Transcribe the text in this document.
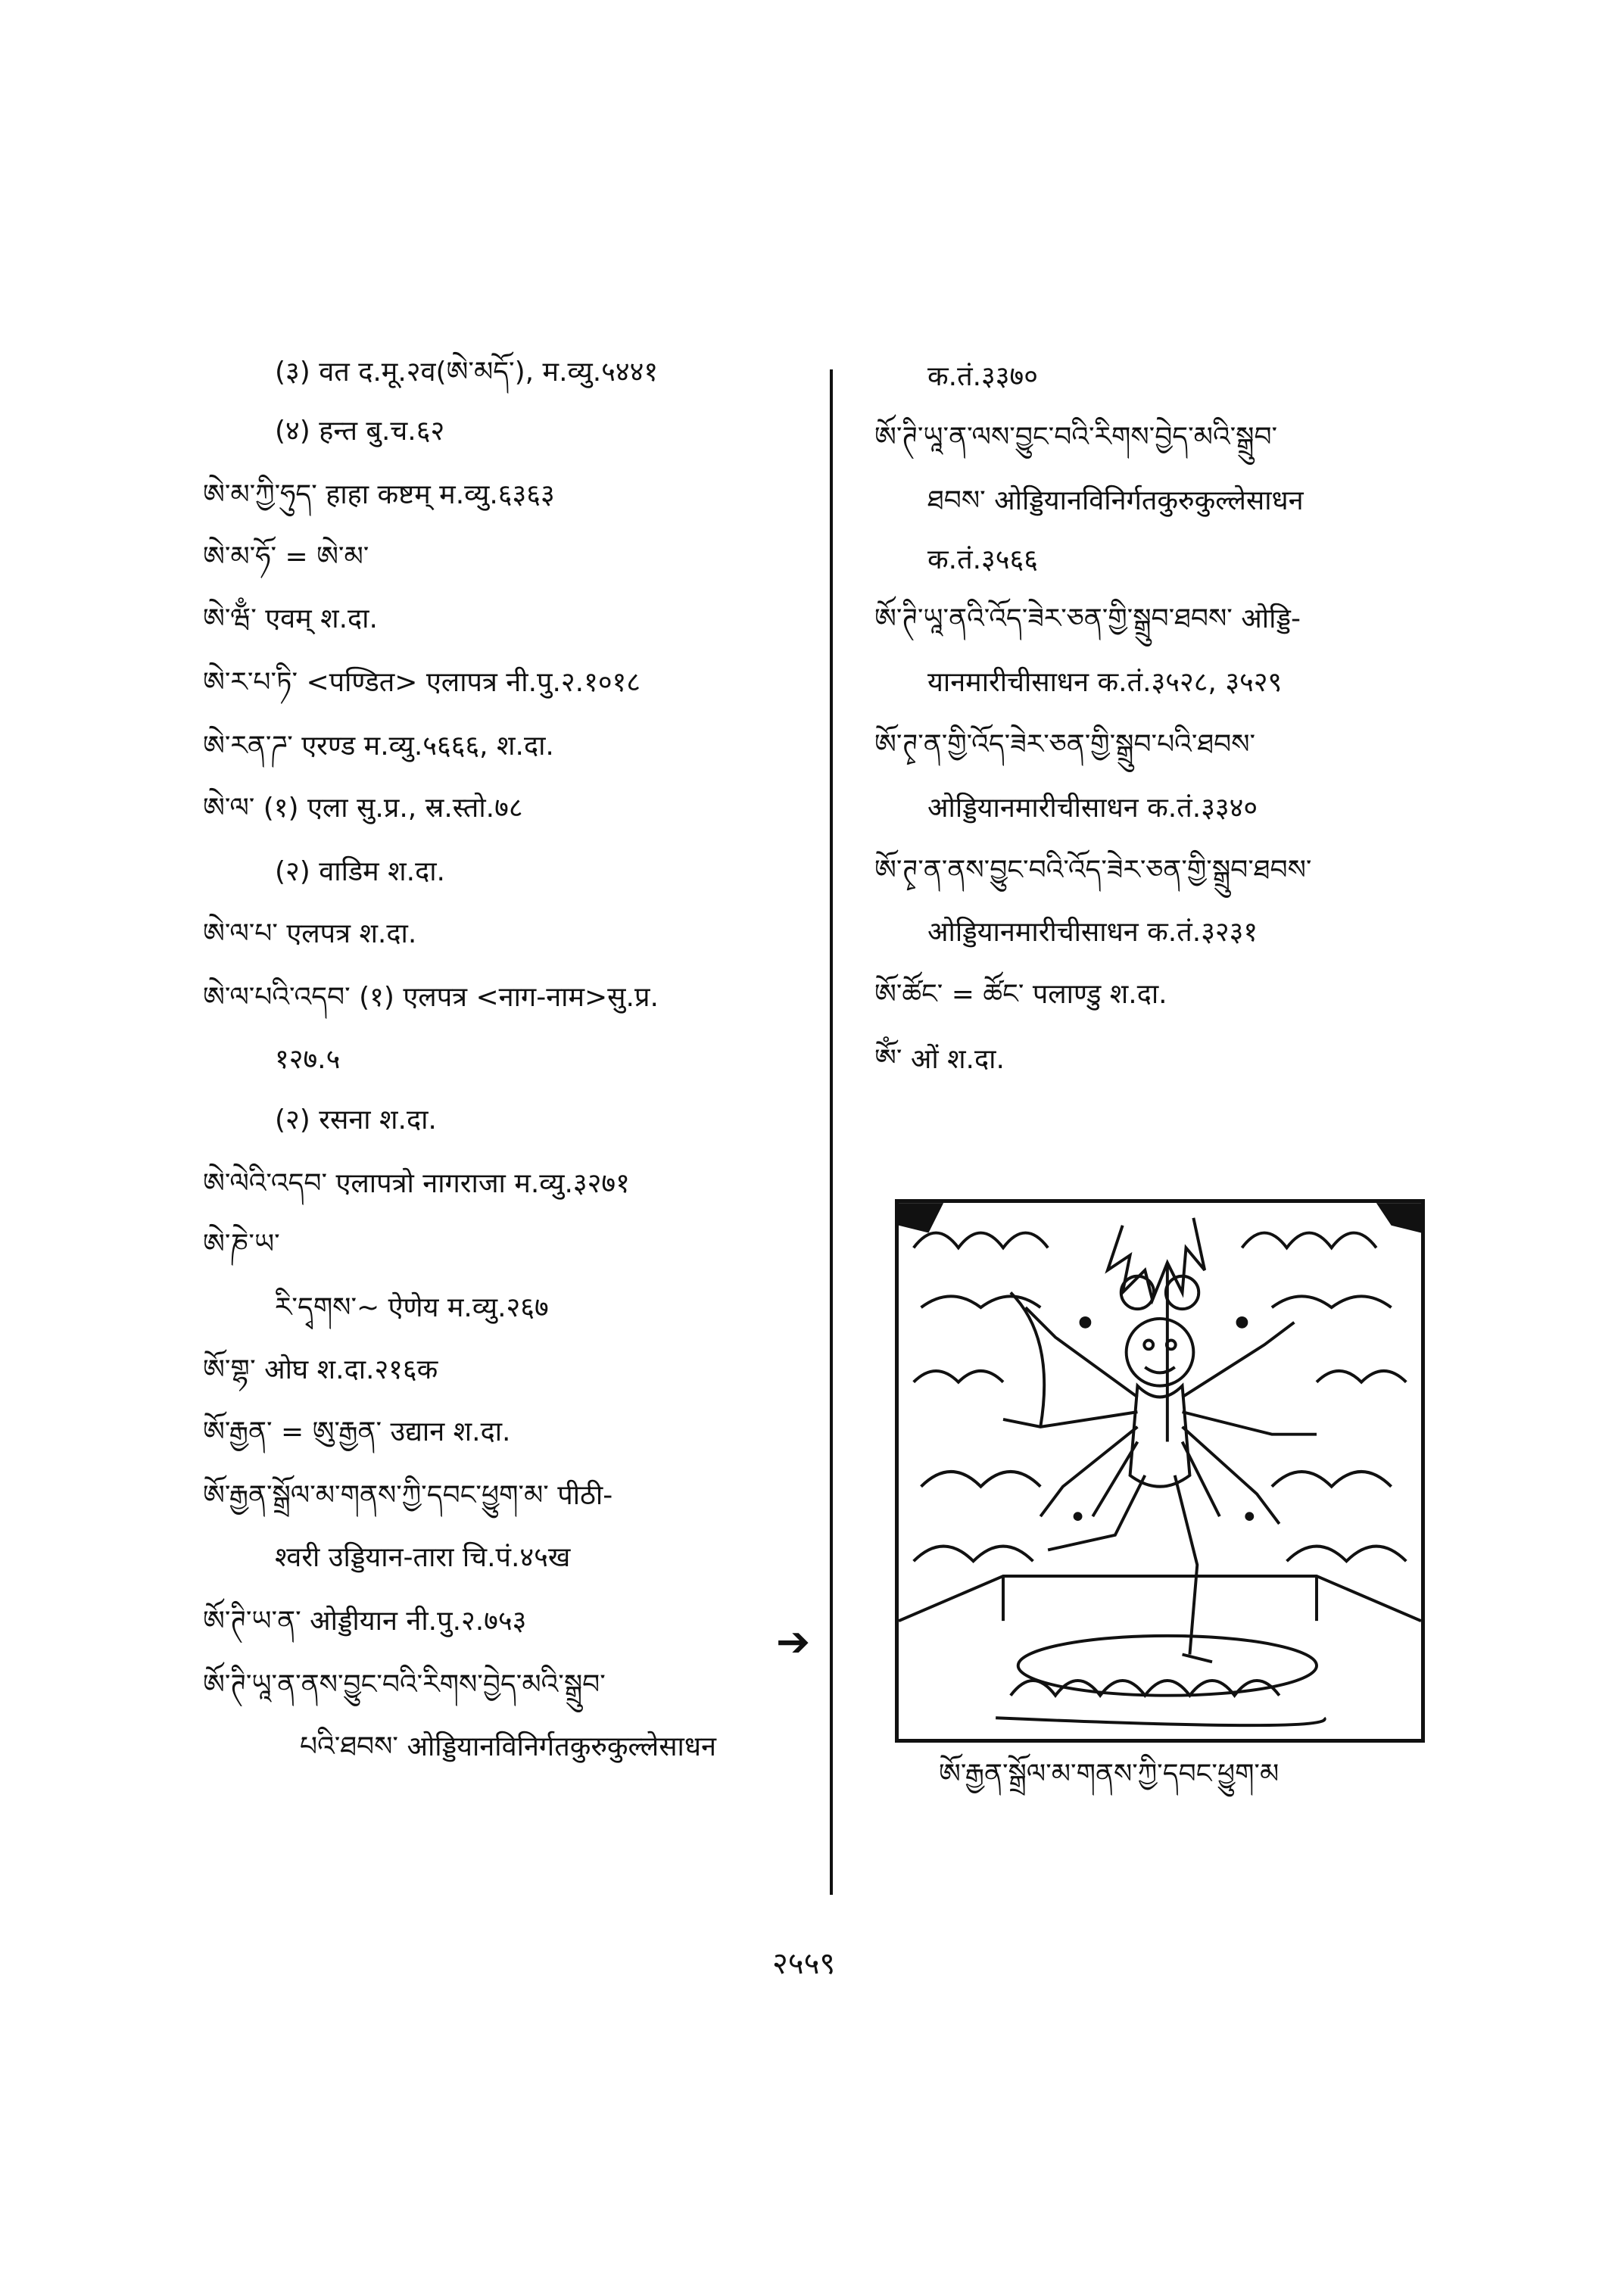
(३) वत द.मू.२व(ཨེ་མདོ་), म.व्यु.५४४१
(४) हन्त बु.च.६२
ཨེ་མ་ཀྱི་ཧུད་ हाहा कष्टम् म.व्यु.६३६३
ཨེ་མ་ཧོ་ = ཨེ་མ་
ཨེ་ཝྃ་ एवम् श.दा.
ཨེ་ར་པ་ཏི་ <पण्डित> एलापत्र नी.पु.२.१०१८
ཨེ་རན་ཌ་ एरण्ड म.व्यु.५६६६, श.दा.
ཨེ་ལ་ (१) एला सु.प्र., स्र.स्तो.७८
(२) वाडिम श.दा.
ཨེ་ལ་པ་ एलपत्र श.दा.
ཨེ་ལ་པའི་འདབ་ (१) एलपत्र <नाग-नाम>सु.प्र.
१२७.५
(२) रसना श.दा.
ཨེ་ལེའི་འདབ་ एलापत्रो नागराजा म.व्यु.३२७१
ཨེ་ཎེ་ཡ་
རི་དྭགས་~ ऐणेय म.व्यु.२६७
ཨོ་གྷ་ ओघ श.दा.२१६क
ཨོ་རྒྱན་ = ཨུ་རྒྱན་ उद्यान श.दा.
ཨོ་རྒྱན་སྒྲོལ་མ་གནས་ཀྱི་དབང་ཕྱུག་མ་ पीठी-
श्वरी उड्डियान-तारा चि.पं.४५ख
ཨོ་ཊི་ཡ་ན་ ओड्डीयान नी.पु.२.७५३
ཨོ་ཊི་ཡཱ་ན་ནས་བྱུང་བའི་རིགས་བྱེད་མའི་སྒྲུབ་
པའི་ཐབས་ ओड्डियानविनिर्गतकुरुकुल्लेसाधन
➔
क.तं.३३७०
ཨོ་ཊི་ཡཱ་ན་ལས་བྱུང་བའི་རིགས་བྱེད་མའི་སྒྲུབ་
ཐབས་ ओड्डियानविनिर्गतकुरुकुल्लेसाधन
क.तं.३५६६
ཨོ་ཊི་ཡཱ་ནའི་འོད་ཟེར་ཅན་གྱི་སྒྲུབ་ཐབས་ ओड्डि-
यानमारीचीसाधन क.तं.३५२८, ३५२९
ཨོ་ཊྭ་ན་གྱི་འོད་ཟེར་ཅན་གྱི་སྒྲུབ་པའི་ཐབས་
ओड्डियानमारीचीसाधन क.तं.३३४०
ཨོ་ཊྭ་ན་ནས་བྱུང་བའི་འོད་ཟེར་ཅན་གྱི་སྒྲུབ་ཐབས་
ओड्डियानमारीचीसाधन क.तं.३२३१
ཨོ་ཚོང་ = ཚོང་ पलाण्डु श.दा.
ཨོཾ་ ओं श.दा.
ཨོ་རྒྱན་སྒྲོལ་མ་གནས་ཀྱི་དབང་ཕྱུག་མ
२५५९
